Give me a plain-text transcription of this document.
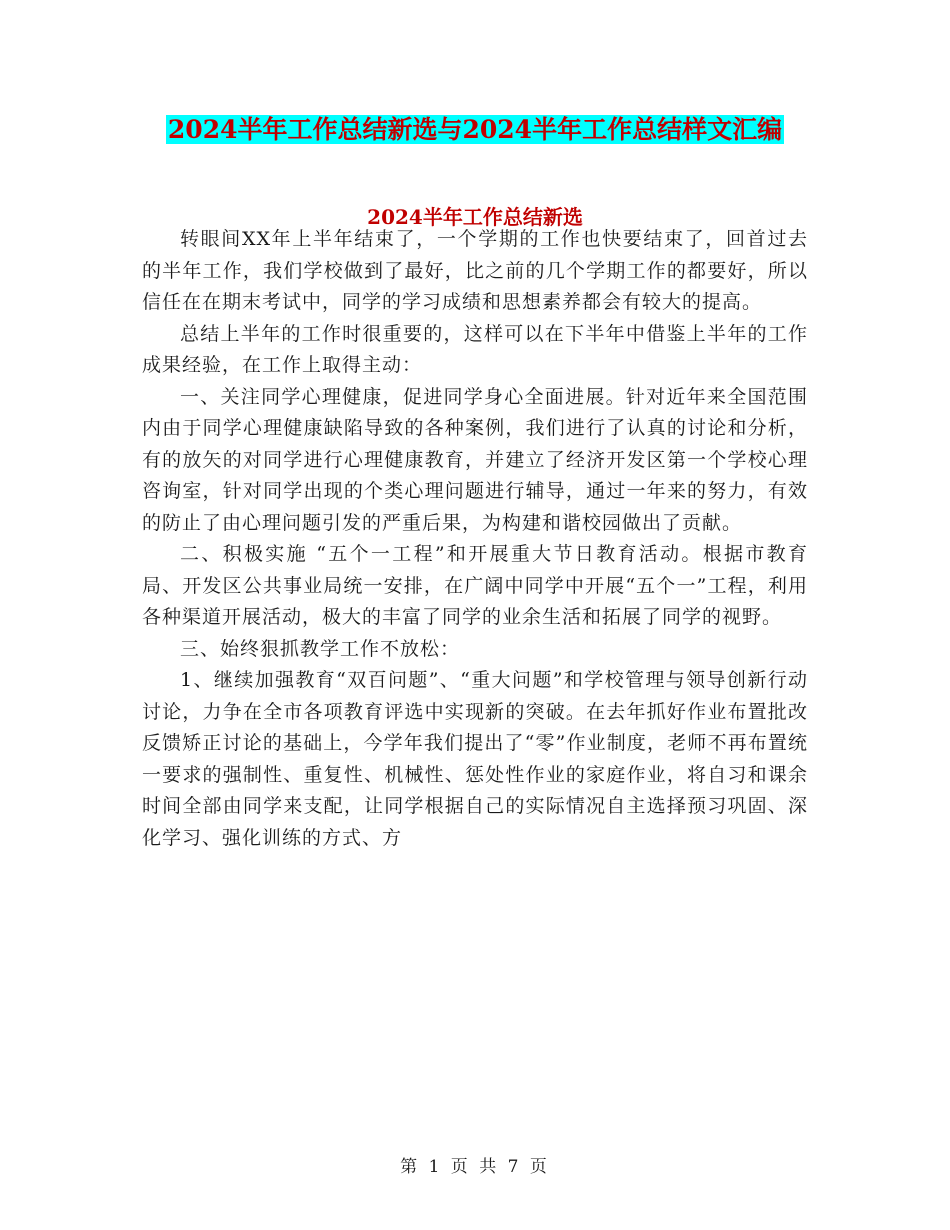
2024半年工作总结新选与2024半年工作总结样文汇编
2024半年工作总结新选

转眼间XX年上半年结束了，一个学期的工作也快要结束了，回首过去的半年工作，我们学校做到了最好，比之前的几个学期工作的都要好，所以信任在在期末考试中，同学的学习成绩和思想素养都会有较大的提高。

总结上半年的工作时很重要的，这样可以在下半年中借鉴上半年的工作成果经验，在工作上取得主动：

一、关注同学心理健康，促进同学身心全面进展。针对近年来全国范围内由于同学心理健康缺陷导致的各种案例，我们进行了认真的讨论和分析，有的放矢的对同学进行心理健康教育，并建立了经济开发区第一个学校心理咨询室，针对同学出现的个类心理问题进行辅导，通过一年来的努力，有效的防止了由心理问题引发的严重后果，为构建和谐校园做出了贡献。

二、积极实施 “五个一工程”和开展重大节日教育活动。根据市教育局、开发区公共事业局统一安排，在广阔中同学中开展“五个一”工程，利用各种渠道开展活动，极大的丰富了同学的业余生活和拓展了同学的视野。

三、始终狠抓教学工作不放松：

1、继续加强教育“双百问题”、“重大问题”和学校管理与领导创新行动讨论，力争在全市各项教育评选中实现新的突破。在去年抓好作业布置批改反馈矫正讨论的基础上，今学年我们提出了“零”作业制度，老师不再布置统一要求的强制性、重复性、机械性、惩处性作业的家庭作业，将自习和课余时间全部由同学来支配，让同学根据自己的实际情况自主选择预习巩固、深化学习、强化训练的方式、方

第 1 页 共 7 页
